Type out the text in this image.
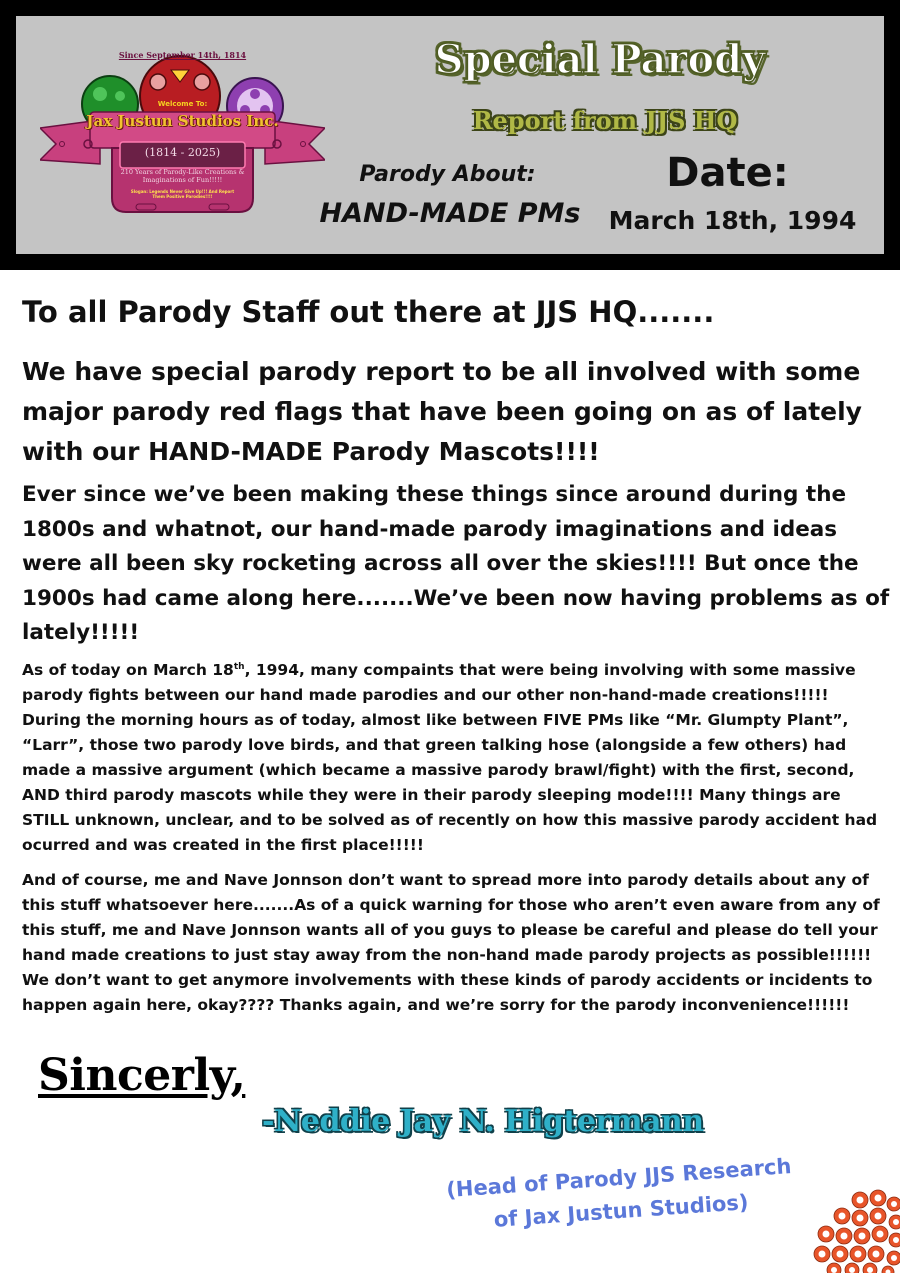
Since September 14th, 1814
Welcome To:
Jax Justun Studios Inc.
(1814 - 2025)
210 Years of Parody-Like Creations & Imaginations of Fun!!!!!
Slogan: Legends Never Give Up!!! And Report Them Positive Parodies!!!!
Special Parody
Report from JJS HQ
Parody About:
HAND-MADE PMs
Date:
March 18th, 1994
To all Parody Staff out there at JJS HQ.......
We have special parody report to be all involved with some major parody red flags that have been going on as of lately with our HAND-MADE Parody Mascots!!!!
Ever since we’ve been making these things since around during the 1800s and whatnot, our hand-made parody imaginations and ideas were all been sky rocketing across all over the skies!!!! But once the 1900s had came along here.......We’ve been now having problems as of lately!!!!!
As of today on March 18th, 1994, many compaints that were being involving with some massive parody fights between our hand made parodies and our other non-hand-made creations!!!!! During the morning hours as of today, almost like between FIVE PMs like “Mr. Glumpty Plant”, “Larr”, those two parody love birds, and that green talking hose (alongside a few others) had made a massive argument (which became a massive parody brawl/fight) with the first, second, AND third parody mascots while they were in their parody sleeping mode!!!! Many things are STILL unknown, unclear, and to be solved as of recently on how this massive parody accident had ocurred and was created in the first place!!!!!
And of course, me and Nave Jonnson don’t want to spread more into parody details about any of this stuff whatsoever here.......As of a quick warning for those who aren’t even aware from any of this stuff, me and Nave Jonnson wants all of you guys to please be careful and please do tell your hand made creations to just stay away from the non-hand made parody projects as possible!!!!!! We don’t want to get anymore involvements with these kinds of parody accidents or incidents to happen again here, okay???? Thanks again, and we’re sorry for the parody inconvenience!!!!!!
Sincerly,
-Neddie Jay N. Higtermann
(Head of Parody JJS Research
of Jax Justun Studios)
